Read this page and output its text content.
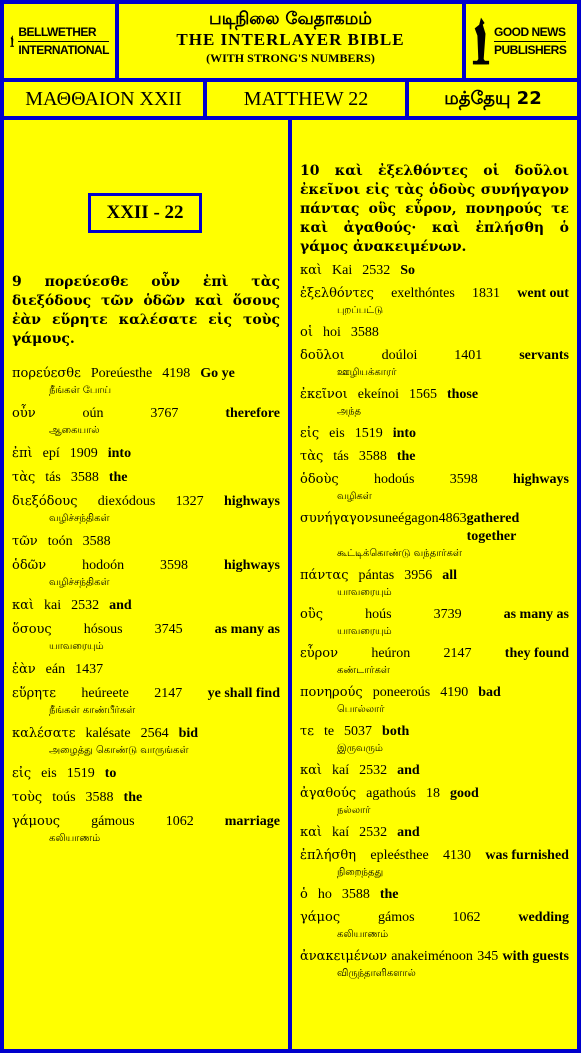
BELLWETHER
INTERNATIONAL
படிநிலை வேதாகமம்
THE INTERLAYER BIBLE
(WITH STRONG'S NUMBERS)
GOOD NEWS
PUBLISHERS
ΜΑΘΘΑΙΟΝ XXII	MATTHEW 22	மத்தேயு 22
XXII - 22
9 πορεύεσθε οὖν ἐπὶ τὰς διεξόδους τῶν ὁδῶν καὶ ὅσους ἐὰν εὕρητε καλέσατε εἰς τοὺς γάμους.
πορεύεσθε Poreúesthe 4198 Go ye
நீங்கள் போய்
οὖν	oún	3767	therefore
ஆகையால்
ἐπὶ epí 1909 into
τὰς tás 3588 the
διεξόδους diexódous 1327 highways
வழிச்சந்திகள்
τῶν toón 3588
ὁδῶν	hodoón	3598	highways
வழிச்சந்திகள்
καὶ kai 2532 and
ὅσους hósous 3745 as many as
யாவரையும்
ἐὰν eán 1437
εὕρητε heúreete 2147 ye shall find
நீங்கள் காண்பீர்கள்
καλέσατε kalésate 2564 bid
அழைத்து கொண்டு வாருங்கள்
εἰς eis 1519 to
τοὺς toús 3588 the
γάμους gámous 1062 marriage
கலியாணம்
10 καὶ ἐξελθόντες οἱ δοῦλοι ἐκεῖνοι εἰς τὰς ὁδοὺς συνήγαγον πάντας οὓς εὗρον, πονηρούς τε καὶ ἀγαθούς· καὶ ἐπλήσθη ὁ γάμος ἀνακειμένων.
καὶ Kai 2532 So
ἐξελθόντες exelthóntes 1831 went out
புறப்பட்டு
οἱ hoi 3588
δοῦλοι	doúloi	1401	servants
ஊழியக்காரர்
ἐκεῖνοι ekeínoi 1565 those
அந்த
εἰς eis 1519 into
τὰς tás 3588 the
ὁδοὺς	hodoús	3598	highways
வழிகள்
συνήγαγον suneégagon 4863 gathered together
கூட்டிக்கொண்டு வந்தார்கள்
πάντας pántas 3956 all
யாவரையும்
οὓς	hoús	3739	as many as
யாவரையும்
εὗρον heúron 2147 they found
கண்டார்கள்
πονηρούς poneeroús 4190 bad
பொல்லார்
τε te 5037 both
இருவரும்
καὶ kaí 2532 and
ἀγαθούς agathoús 18 good
நல்லார்
καὶ kaí 2532 and
ἐπλήσθη epleésthee 4130 was furnished
நிறைந்தது
ὁ ho 3588 the
γάμος	gámos	1062	wedding
கலியாணம்
ἀνακειμένων anakeiménoon 345 with guests
விருந்தாளிகளால்
